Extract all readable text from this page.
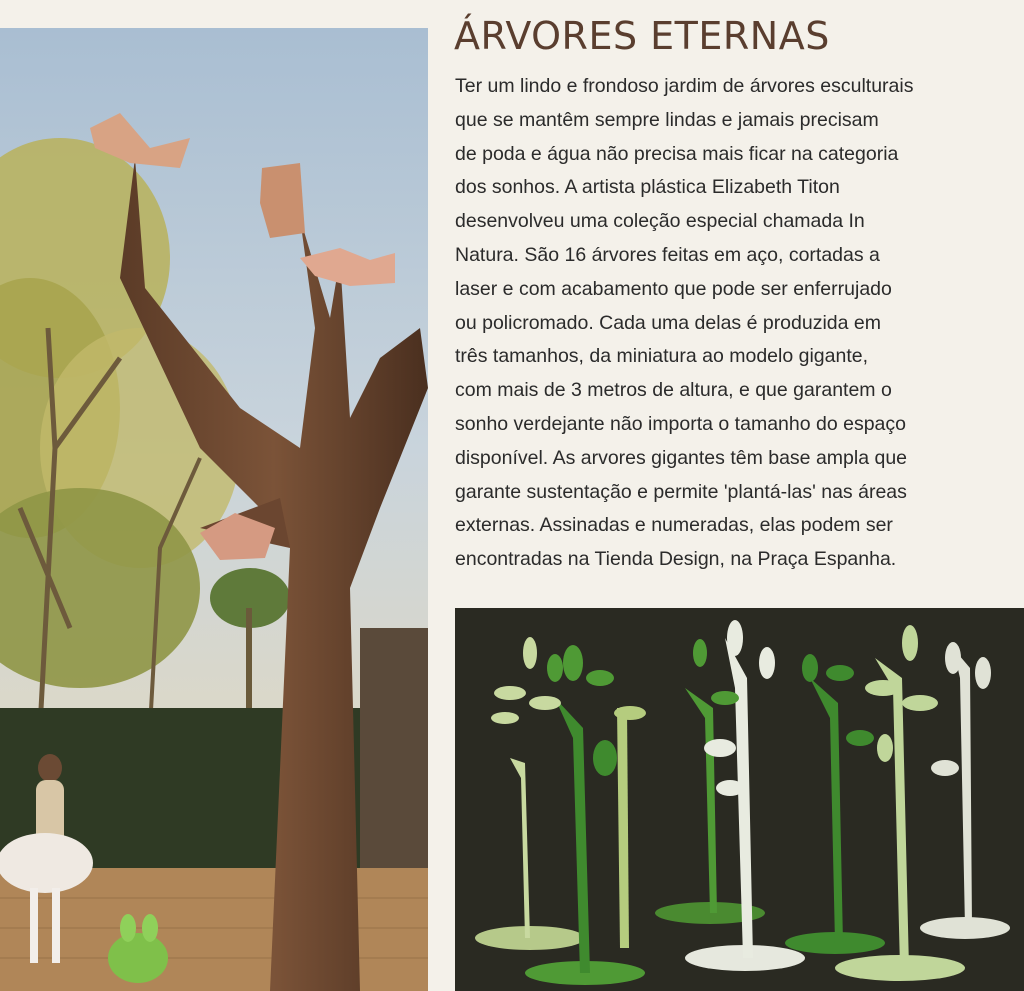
ÁRVORES ETERNAS
Ter um lindo e frondoso jardim de árvores esculturais
que se mantêm sempre lindas e jamais precisam
de poda e água não precisa mais ficar na categoria
dos sonhos. A artista plástica Elizabeth Titon
desenvolveu uma coleção especial chamada In
Natura. São 16 árvores feitas em aço, cortadas a
laser e com acabamento que pode ser enferrujado
ou policromado. Cada uma delas é produzida em
três tamanhos, da miniatura ao modelo gigante,
com mais de 3 metros de altura, e que garantem o
sonho verdejante não importa o tamanho do espaço
disponível. As arvores gigantes têm base ampla que
garante sustentação e permite 'plantá-las' nas áreas
externas. Assinadas e numeradas, elas podem ser
encontradas na Tienda Design, na Praça Espanha.
